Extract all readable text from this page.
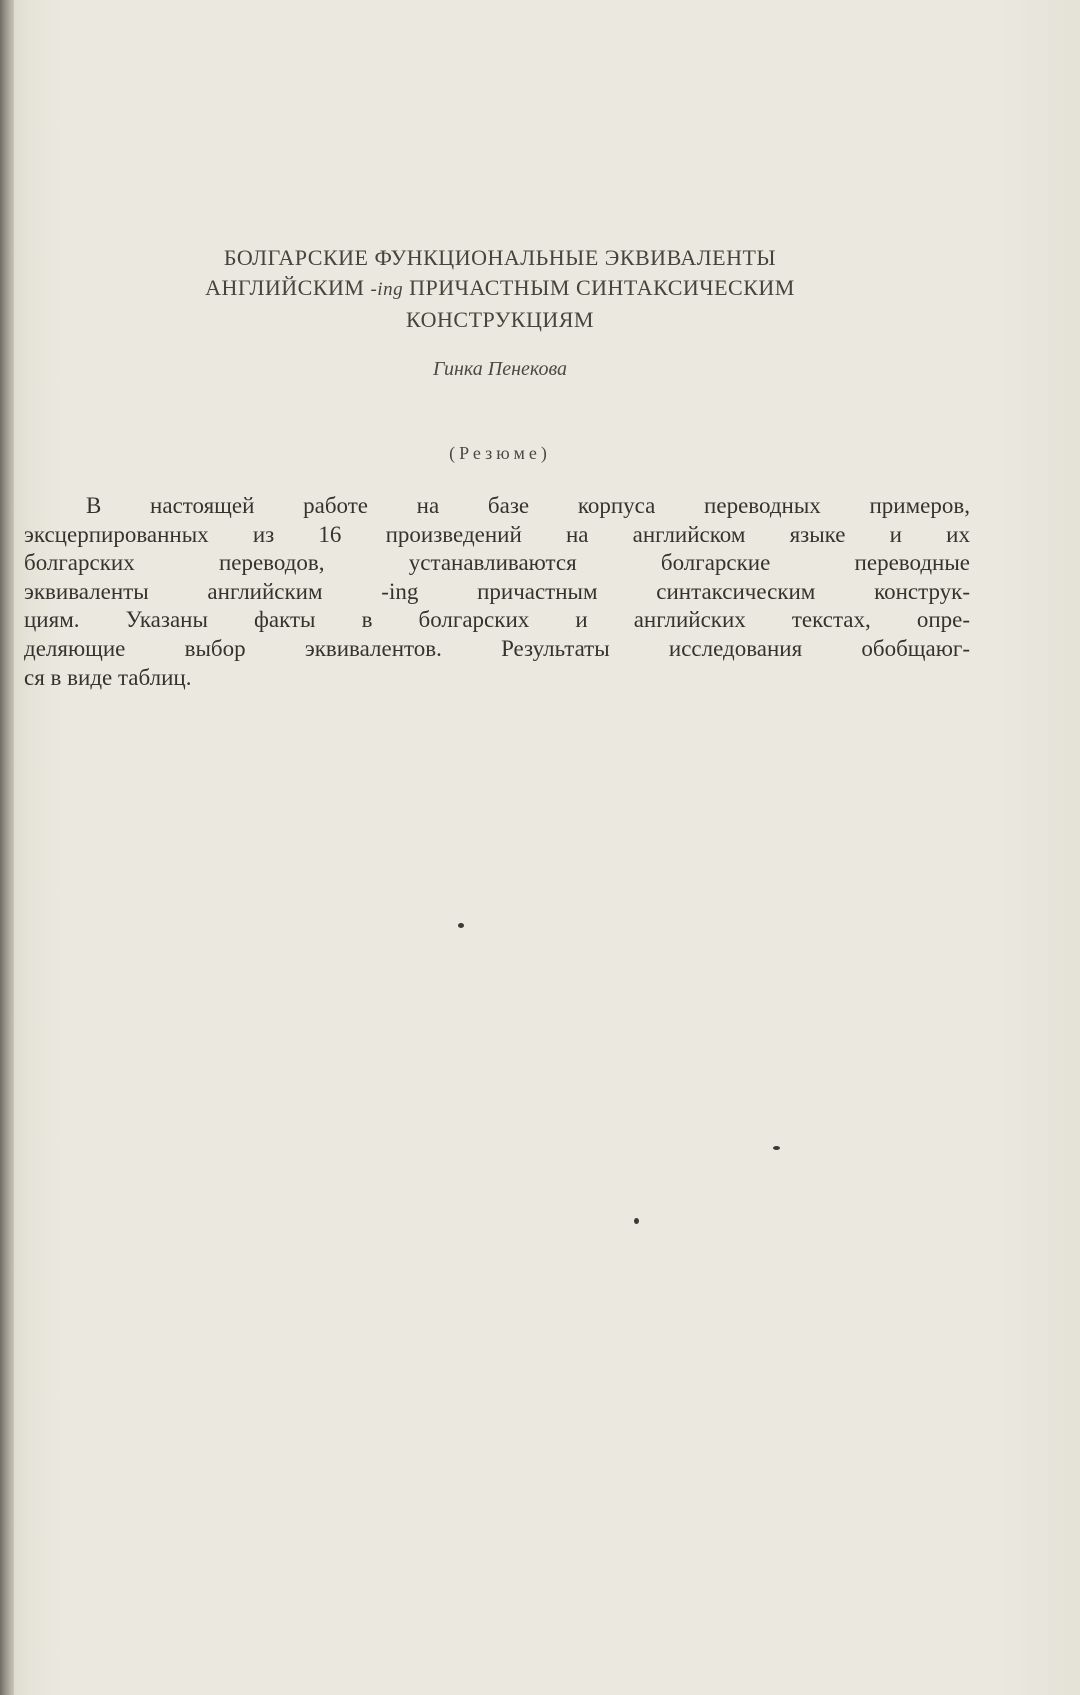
БОЛГАРСКИЕ ФУНКЦИОНАЛЬНЫЕ ЭКВИВАЛЕНТЫ
АНГЛИЙСКИМ -ing ПРИЧАСТНЫМ СИНТАКСИЧЕСКИМ
КОНСТРУКЦИЯМ
Гинка Пенекова
(Резюме)
В настоящей работе на базе корпуса переводных примеров,
эксцерпированных из 16 произведений на английском языке и их
болгарских переводов, устанавливаются болгарские переводные
эквиваленты английским -ing причастным синтаксическим конструк-
циям. Указаны факты в болгарских и английских текстах, опре-
деляющие выбор эквивалентов. Результаты исследования обобщаюг-
ся в виде таблиц.
